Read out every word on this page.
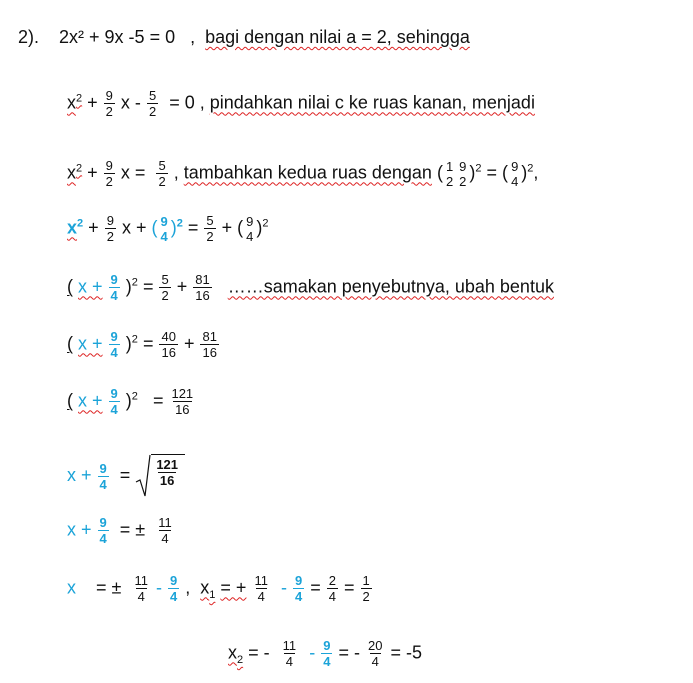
2). 2x² + 9x -5 = 0 , bagi dengan nilai a = 2, sehingga
$x^2 + \frac{9}{2}$ $x - \frac{5}{2} = 0$ , pindahkan nilai c ke ruas kanan, menjadi
$x^2 + \frac{9}{2}$ $x = \frac{5}{2}$ , tambahkan kedua ruas dengan ( 1
2
9
2 )$^2$ = ( 9
4 )$^2$,
$x^2 + \frac{9}{2}$ x + ( 9
4 )$^2 = \frac{5}{2}$ + ( 9
4 )$^2$
( $x + \frac{9}{4} )^2 = \frac{5}{2} + \frac{81}{16}$ ……samakan penyebutnya, ubah bentuk
( $x + \frac{9}{4} )^2 = \frac{40}{16} + \frac{81}{16}$
( $x + \frac{9}{4} )^2 = \frac{121}{16}$
$x + \frac{9}{4} = \frac{121}{16}$
$x + \frac{9}{4}$ = ± $\frac{11}{4}$
x = ± $\frac{11}{4} - \frac{9}{4}$ , $x_1$ = + $\frac{11}{4} - \frac{9}{4} = \frac{2}{4} = \frac{1}{2}$
$x_2$ = - $\frac{11}{4} - \frac{9}{4}$ = - $\frac{20}{4} = -5$
